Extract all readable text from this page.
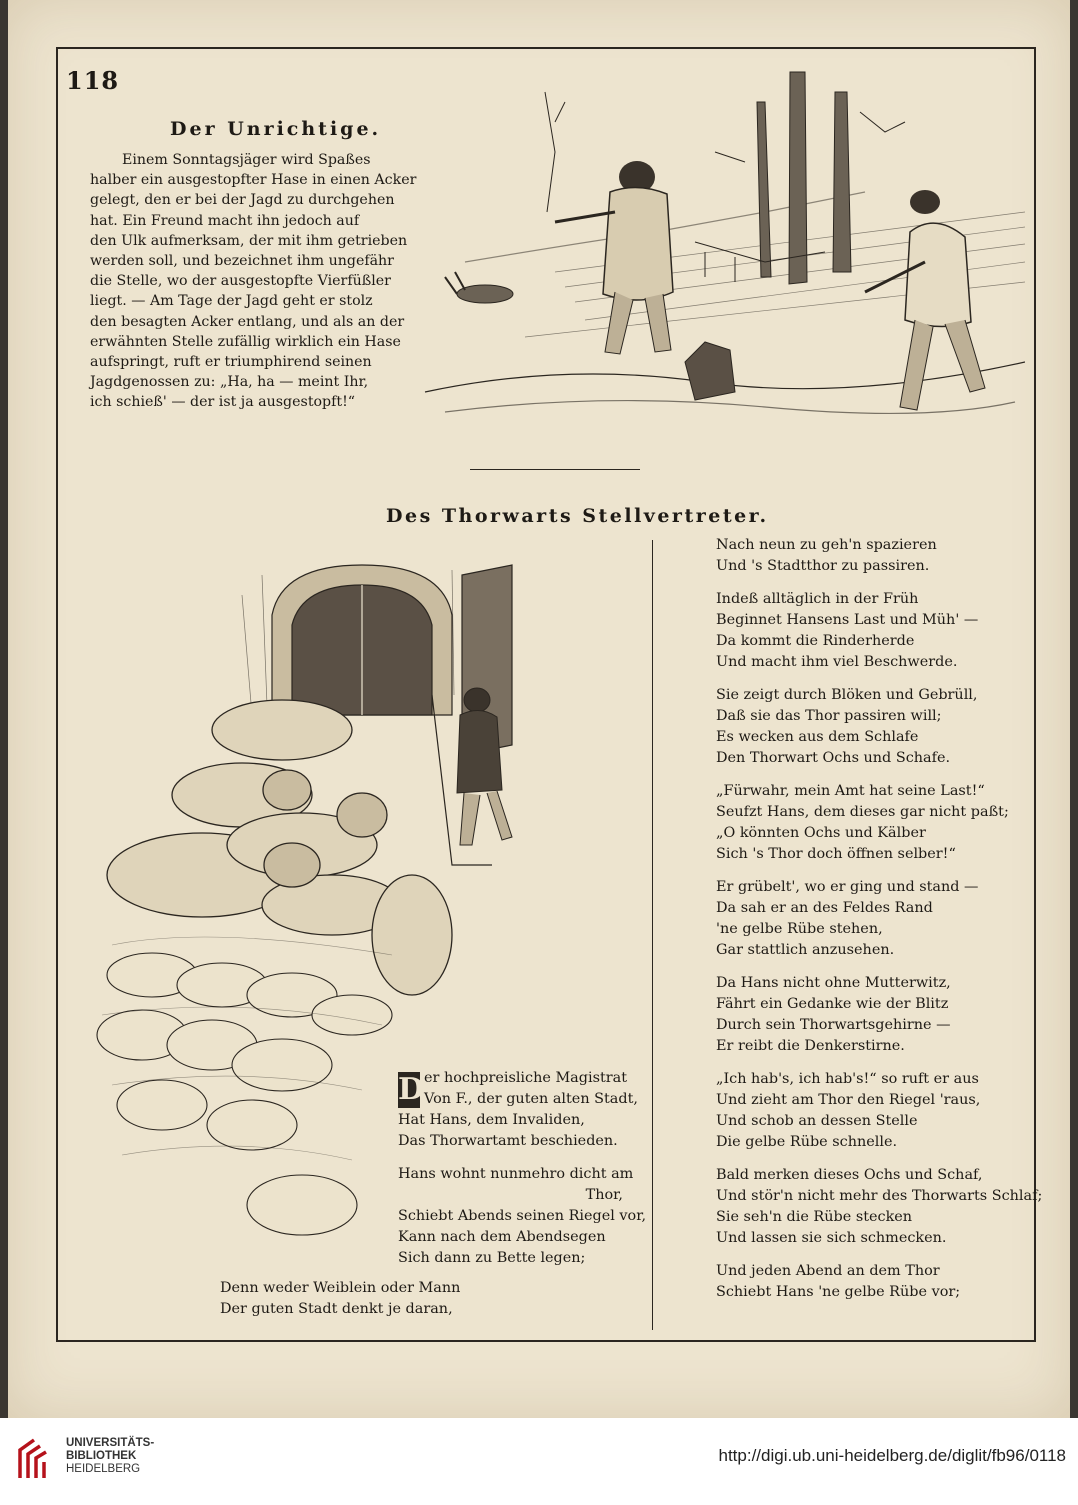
118
Der Unrichtige.
Einem Sonntagsjäger wird Spaßes
halber ein ausgestopfter Hase in einen Acker
gelegt, den er bei der Jagd zu durchgehen
hat. Ein Freund macht ihn jedoch auf
den Ulk aufmerksam, der mit ihm getrieben
werden soll, und bezeichnet ihm ungefähr
die Stelle, wo der ausgestopfte Vierfüßler
liegt. — Am Tage der Jagd geht er stolz
den besagten Acker entlang, und als an der
erwähnten Stelle zufällig wirklich ein Hase
aufspringt, ruft er triumphirend seinen
Jagdgenossen zu: „Ha, ha — meint Ihr,
ich schieß' — der ist ja ausgestopft!“
Des Thorwarts Stellvertreter.
D er hochpreisliche Magistrat
Von F., der guten alten Stadt,
Hat Hans, dem Invaliden,
Das Thorwartamt beschieden.
Hans wohnt nunmehro dicht am
Thor,
Schiebt Abends seinen Riegel vor,
Kann nach dem Abendsegen
Sich dann zu Bette legen;
Denn weder Weiblein oder Mann
Der guten Stadt denkt je daran,
Nach neun zu geh'n spazieren
Und 's Stadtthor zu passiren.
Indeß alltäglich in der Früh
Beginnet Hansens Last und Müh' —
Da kommt die Rinderherde
Und macht ihm viel Beschwerde.
Sie zeigt durch Blöken und Gebrüll,
Daß sie das Thor passiren will;
Es wecken aus dem Schlafe
Den Thorwart Ochs und Schafe.
„Fürwahr, mein Amt hat seine Last!“
Seufzt Hans, dem dieses gar nicht paßt;
„O könnten Ochs und Kälber
Sich 's Thor doch öffnen selber!“
Er grübelt', wo er ging und stand —
Da sah er an des Feldes Rand
'ne gelbe Rübe stehen,
Gar stattlich anzusehen.
Da Hans nicht ohne Mutterwitz,
Fährt ein Gedanke wie der Blitz
Durch sein Thorwartsgehirne —
Er reibt die Denkerstirne.
„Ich hab's, ich hab's!“ so ruft er aus
Und zieht am Thor den Riegel 'raus,
Und schob an dessen Stelle
Die gelbe Rübe schnelle.
Bald merken dieses Ochs und Schaf,
Und stör'n nicht mehr des Thorwarts Schlaf;
Sie seh'n die Rübe stecken
Und lassen sie sich schmecken.
Und jeden Abend an dem Thor
Schiebt Hans 'ne gelbe Rübe vor;
UNIVERSITÄTS-
BIBLIOTHEK
HEIDELBERG
http://digi.ub.uni-heidelberg.de/diglit/fb96/0118
